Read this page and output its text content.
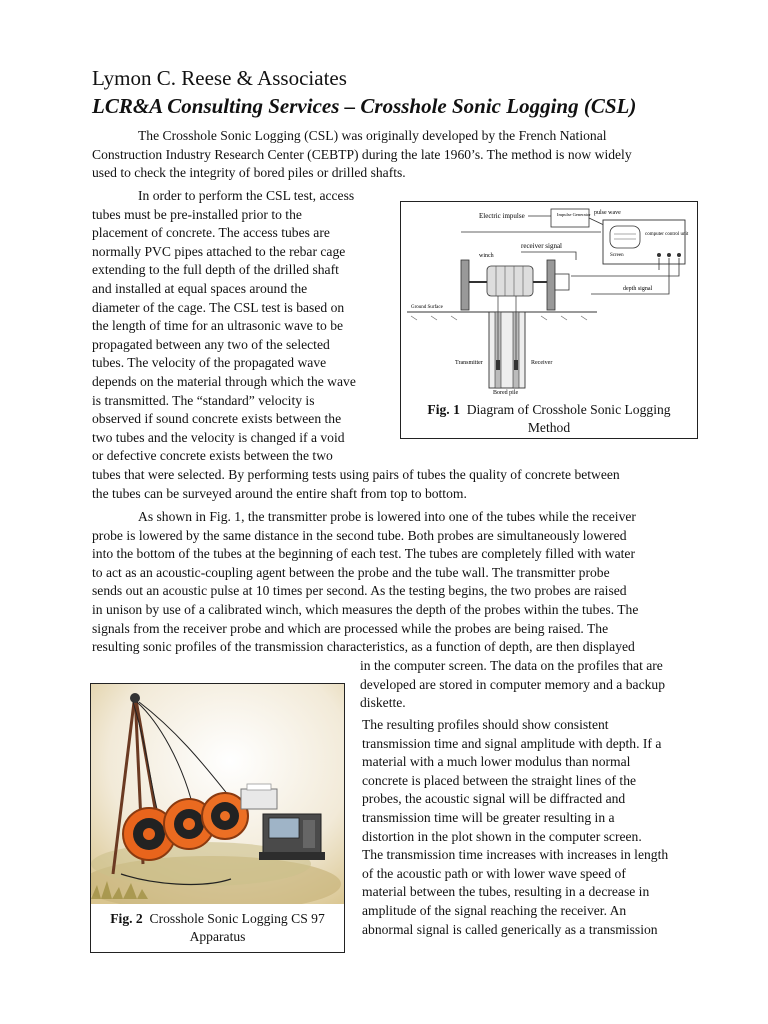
Lymon C. Reese & Associates
LCR&A Consulting Services – Crosshole Sonic Logging (CSL)
The Crosshole Sonic Logging (CSL) was originally developed by the French National
Construction Industry Research Center (CEBTP) during the late 1960’s. The method is now widely
used to check the integrity of bored piles or drilled shafts.
In order to perform the CSL test, access
tubes must be pre-installed prior to the
placement of concrete. The access tubes are
normally PVC pipes attached to the rebar cage
extending to the full depth of the drilled shaft
and installed at equal spaces around the
diameter of the cage. The CSL test is based on
the length of time for an ultrasonic wave to be
propagated between any two of the selected
tubes. The velocity of the propagated wave
depends on the material through which the wave
is transmitted. The “standard” velocity is
observed if sound concrete exists between the
two tubes and the velocity is changed if a void
or defective concrete exists between the two
tubes that were selected. By performing tests using pairs of tubes the quality of concrete between
the tubes can be surveyed around the entire shaft from top to bottom.
As shown in Fig. 1, the transmitter probe is lowered into one of the tubes while the receiver
probe is lowered by the same distance in the second tube. Both probes are simultaneously lowered
into the bottom of the tubes at the beginning of each test. The tubes are completely filled with water
to act as an acoustic-coupling agent between the probe and the tube wall. The transmitter probe
sends out an acoustic pulse at 10 times per second. As the testing begins, the two probes are raised
in unison by use of a calibrated winch, which measures the depth of the probes within the tubes. The
signals from the receiver probe and which are processed while the probes are being raised. The
resulting sonic profiles of the transmission characteristics, as a function of depth, are then displayed
in the computer screen. The data on the profiles that are
developed are stored in computer memory and a backup
diskette.
The resulting profiles should show consistent
transmission time and signal amplitude with depth. If a
material with a much lower modulus than normal
concrete is placed between the straight lines of the
probes, the acoustic signal will be diffracted and
transmission time will be greater resulting in a
distortion in the plot shown in the computer screen.
The transmission time increases with increases in length
of the acoustic path or with lower wave speed of
material between the tubes, resulting in a decrease in
amplitude of the signal reaching the receiver. An
abnormal signal is called generically as a transmission
Electric impulse	Impulse Generator pulse wave
computer control unit
Screen
receiver signal
depth signal
winch
Ground Surface
Transmitter	Receiver
Bored pile
Fig. 1 Diagram of Crosshole Sonic Logging
Method
Fig. 2 Crosshole Sonic Logging CS 97
Apparatus
